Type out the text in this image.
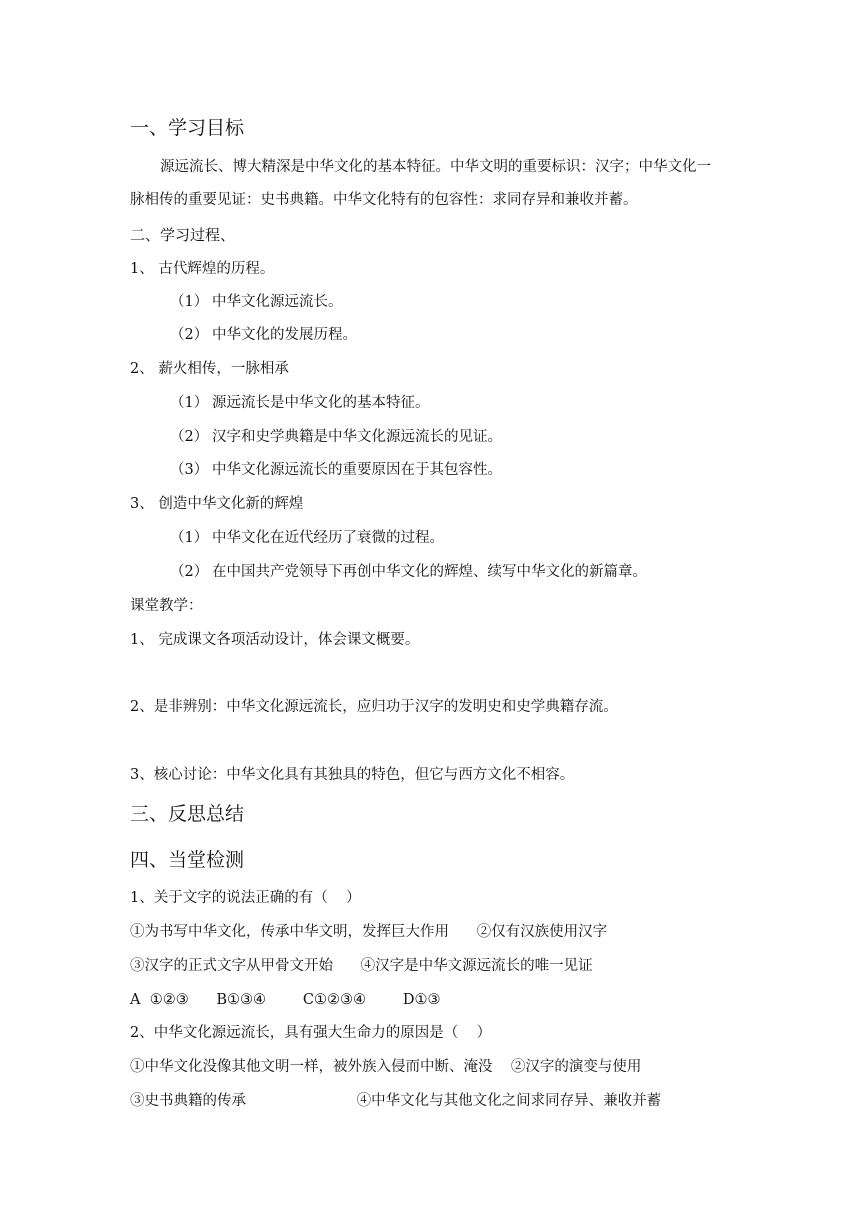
一、学习目标
源远流长、博大精深是中华文化的基本特征。中华文明的重要标识：汉字；中华文化一
脉相传的重要见证：史书典籍。中华文化特有的包容性：求同存异和兼收并蓄。
二、学习过程、
1、 古代辉煌的历程。
（1） 中华文化源远流长。
（2） 中华文化的发展历程。
2、 薪火相传，一脉相承
（1） 源远流长是中华文化的基本特征。
（2） 汉字和史学典籍是中华文化源远流长的见证。
（3） 中华文化源远流长的重要原因在于其包容性。
3、 创造中华文化新的辉煌
（1） 中华文化在近代经历了衰微的过程。
（2） 在中国共产党领导下再创中华文化的辉煌、续写中华文化的新篇章。
课堂教学：
1、 完成课文各项活动设计，体会课文概要。
2、是非辨别：中华文化源远流长，应归功于汉字的发明史和史学典籍存流。
3、核心讨论：中华文化具有其独具的特色，但它与西方文化不相容。
三、反思总结
四、当堂检测
1、关于文字的说法正确的有（    ）
①为书写中华文化，传承中华文明，发挥巨大作用      ②仅有汉族使用汉字
③汉字的正式文字从甲骨文开始      ④汉字是中华文源远流长的唯一见证
A  ①②③      B①③④        C①②③④        D①③
2、中华文化源远流长，具有强大生命力的原因是（    ）
①中华文化没像其他文明一样，被外族入侵而中断、淹没    ②汉字的演变与使用
③史书典籍的传承                        ④中华文化与其他文化之间求同存异、兼收并蓄
